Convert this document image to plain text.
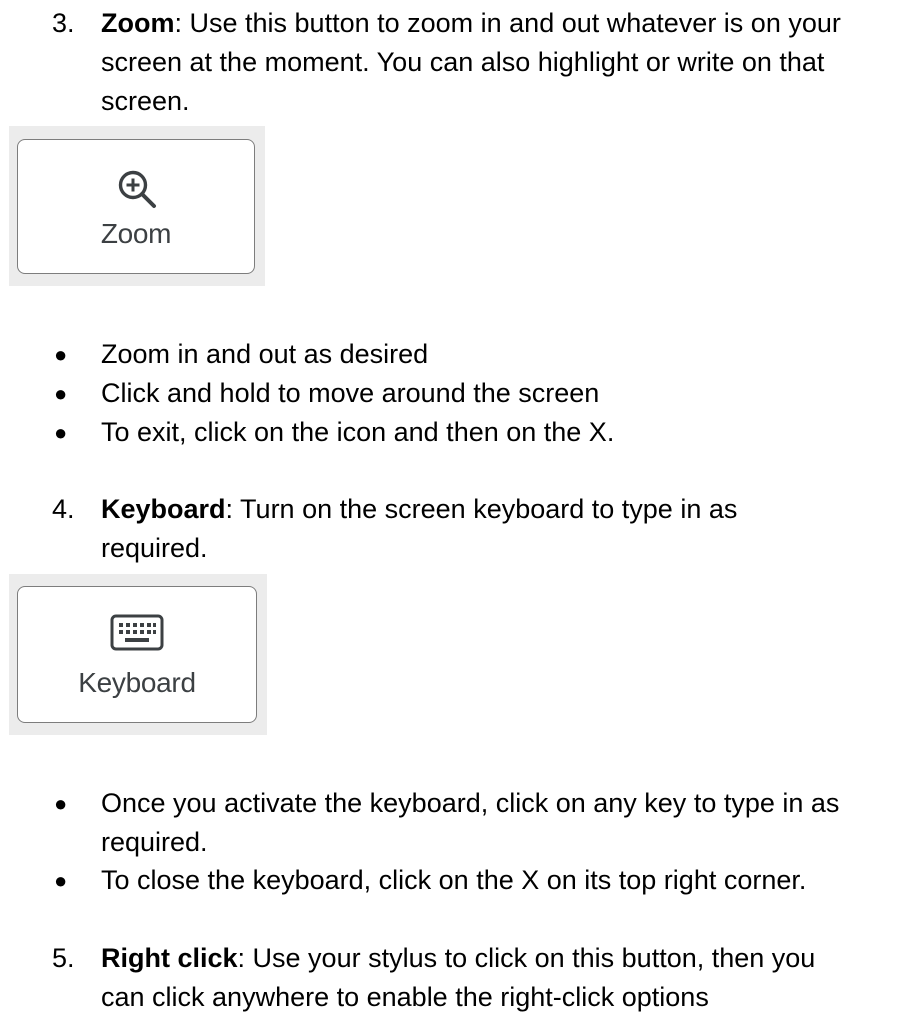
3. Zoom: Use this button to zoom in and out whatever is on your
screen at the moment. You can also highlight or write on that
screen.
Zoom
● Zoom in and out as desired
● Click and hold to move around the screen
● To exit, click on the icon and then on the X.
4. Keyboard: Turn on the screen keyboard to type in as
required.
Keyboard
● Once you activate the keyboard, click on any key to type in as
required.
● To close the keyboard, click on the X on its top right corner.
5. Right click: Use your stylus to click on this button, then you
can click anywhere to enable the right-click options
